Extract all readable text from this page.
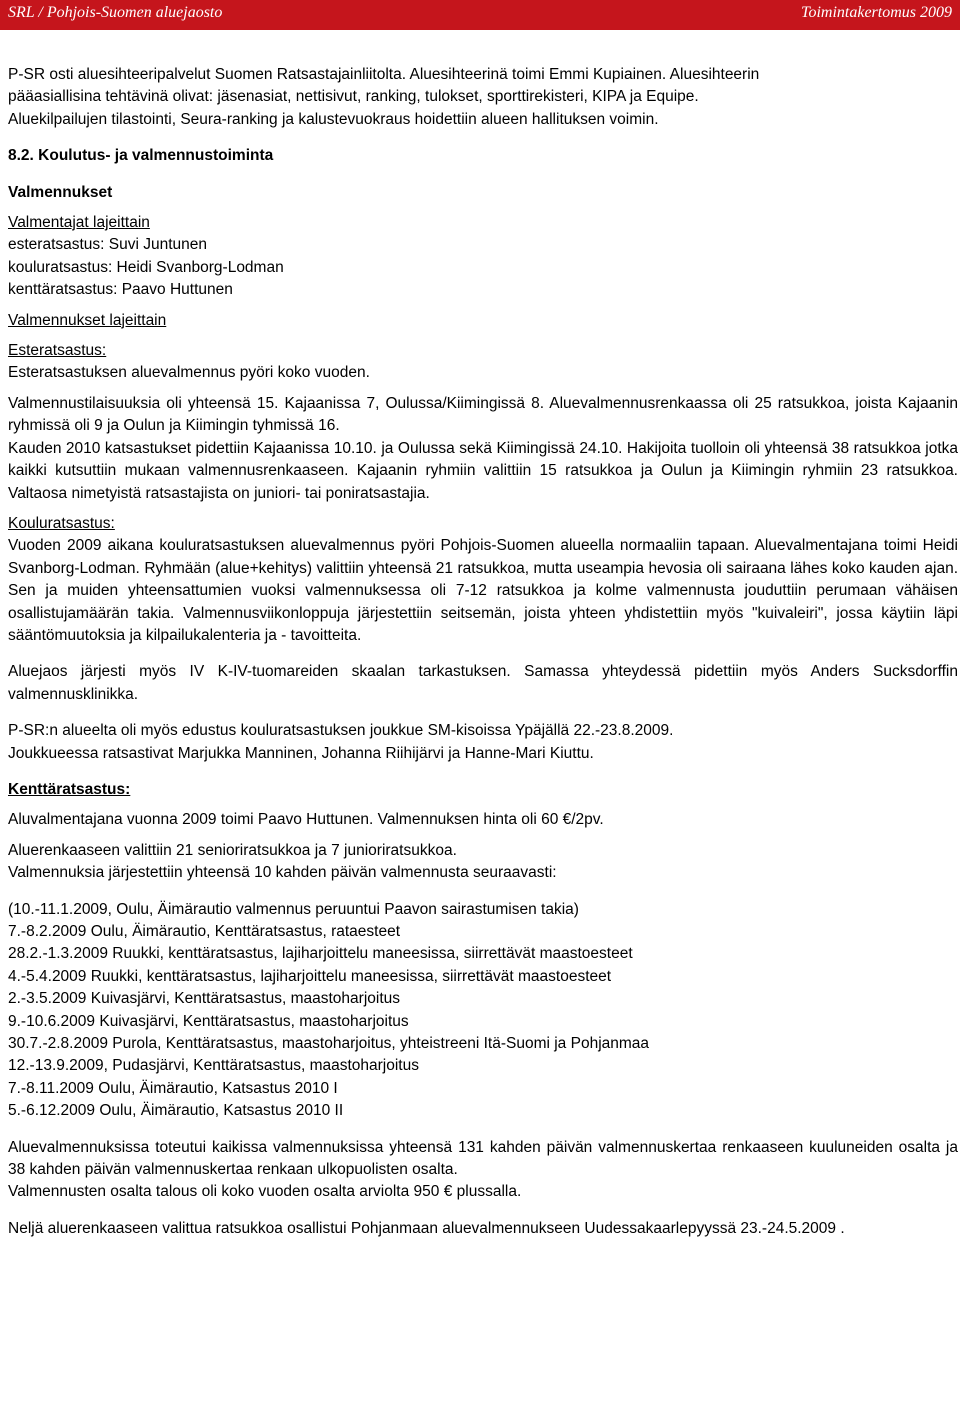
SRL / Pohjois-Suomen aluejaosto	Toimintakertomus 2009

P-SR osti aluesihteeripalvelut Suomen Ratsastajainliitolta. Aluesihteerinä toimi Emmi Kupiainen. Aluesihteerin

pääasiallisina tehtävinä olivat: jäsenasiat, nettisivut, ranking, tulokset, sporttirekisteri, KIPA ja Equipe.

Aluekilpailujen tilastointi, Seura-ranking ja kalustevuokraus hoidettiin alueen hallituksen voimin.

8.2. Koulutus- ja valmennustoiminta

Valmennukset

Valmentajat lajeittain

esteratsastus: Suvi Juntunen

kouluratsastus: Heidi Svanborg-Lodman

kenttäratsastus: Paavo Huttunen

Valmennukset lajeittain

Esteratsastus:

Esteratsastuksen aluevalmennus pyöri koko vuoden.

Valmennustilaisuuksia oli yhteensä 15. Kajaanissa 7, Oulussa/Kiimingissä 8. Aluevalmennusrenkaassa oli 25 ratsukkoa, joista Kajaanin ryhmissä oli 9 ja Oulun ja Kiimingin tyhmissä 16.

Kauden 2010 katsastukset pidettiin Kajaanissa 10.10. ja Oulussa sekä Kiimingissä 24.10. Hakijoita tuolloin oli yhteensä 38 ratsukkoa jotka kaikki kutsuttiin mukaan valmennusrenkaaseen. Kajaanin ryhmiin valittiin 15 ratsukkoa ja Oulun ja Kiimingin ryhmiin 23 ratsukkoa. Valtaosa nimetyistä ratsastajista on juniori- tai poniratsastajia.

Kouluratsastus:

Vuoden 2009 aikana kouluratsastuksen aluevalmennus pyöri Pohjois-Suomen alueella normaaliin tapaan. Aluevalmentajana toimi Heidi Svanborg-Lodman. Ryhmään (alue+kehitys) valittiin yhteensä 21 ratsukkoa, mutta useampia hevosia oli sairaana lähes koko kauden ajan. Sen ja muiden yhteensattumien vuoksi valmennuksessa oli 7-12 ratsukkoa ja kolme valmennusta jouduttiin perumaan vähäisen osallistujamäärän takia. Valmennusviikonloppuja järjestettiin seitsemän, joista yhteen yhdistettiin myös "kuivaleiri", jossa käytiin läpi sääntömuutoksia ja kilpailukalenteria ja - tavoitteita.

Aluejaos järjesti myös IV K-IV-tuomareiden skaalan tarkastuksen. Samassa yhteydessä pidettiin myös Anders Sucksdorffin valmennusklinikka.

P-SR:n alueelta oli myös edustus kouluratsastuksen joukkue SM-kisoissa Ypäjällä 22.-23.8.2009.

Joukkueessa ratsastivat Marjukka Manninen, Johanna Riihijärvi ja Hanne-Mari Kiuttu.

Kenttäratsastus:

Aluvalmentajana vuonna 2009 toimi Paavo Huttunen. Valmennuksen hinta oli 60 €/2pv.

Aluerenkaaseen valittiin 21 senioriratsukkoa ja 7 junioriratsukkoa.

Valmennuksia järjestettiin yhteensä 10 kahden päivän valmennusta seuraavasti:

(10.-11.1.2009, Oulu, Äimärautio valmennus peruuntui Paavon sairastumisen takia)

7.-8.2.2009 Oulu, Äimärautio, Kenttäratsastus, rataesteet

28.2.-1.3.2009 Ruukki, kenttäratsastus, lajiharjoittelu maneesissa, siirrettävät maastoesteet

4.-5.4.2009 Ruukki, kenttäratsastus, lajiharjoittelu maneesissa, siirrettävät maastoesteet

2.-3.5.2009 Kuivasjärvi, Kenttäratsastus, maastoharjoitus

9.-10.6.2009 Kuivasjärvi, Kenttäratsastus, maastoharjoitus

30.7.-2.8.2009 Purola, Kenttäratsastus, maastoharjoitus, yhteistreeni Itä-Suomi ja Pohjanmaa

12.-13.9.2009, Pudasjärvi, Kenttäratsastus, maastoharjoitus

7.-8.11.2009 Oulu, Äimärautio, Katsastus 2010 I

5.-6.12.2009 Oulu, Äimärautio, Katsastus 2010 II

Aluevalmennuksissa toteutui kaikissa valmennuksissa yhteensä 131 kahden päivän valmennuskertaa renkaaseen kuuluneiden osalta ja 38 kahden päivän valmennuskertaa renkaan ulkopuolisten osalta.

Valmennusten osalta talous oli koko vuoden osalta arviolta 950 € plussalla.

Neljä aluerenkaaseen valittua ratsukkoa osallistui Pohjanmaan aluevalmennukseen Uudessakaarlepyyssä 23.-24.5.2009 .
